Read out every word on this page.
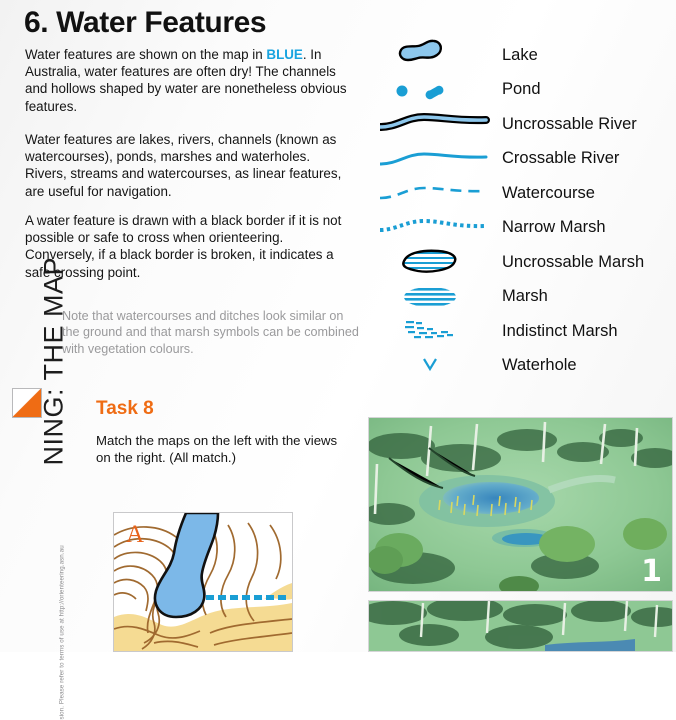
NING: THE MAP
sion. Please refer to terms of use at http://orienteering.asn.au
6. Water Features
Water features are shown on the map in BLUE. In Australia, water features are often dry! The channels and hollows shaped by water are nonetheless obvious features.
Water features are lakes, rivers, channels (known as watercourses), ponds, marshes and waterholes. Rivers, streams and watercourses, as linear features, are useful for navigation.
A water feature is drawn with a black border if it is not possible or safe to cross when orienteering. Conversely, if a black border is broken, it indicates a safe crossing point.
Note that watercourses and ditches look similar on the ground and that marsh symbols can be combined with vegetation colours.
Lake
Pond
Uncrossable River
Crossable River
Watercourse
Narrow Marsh
Uncrossable Marsh
Marsh
Indistinct Marsh
Waterhole
Task 8
Match the maps on the left with the views on the right. (All match.)
A
1
